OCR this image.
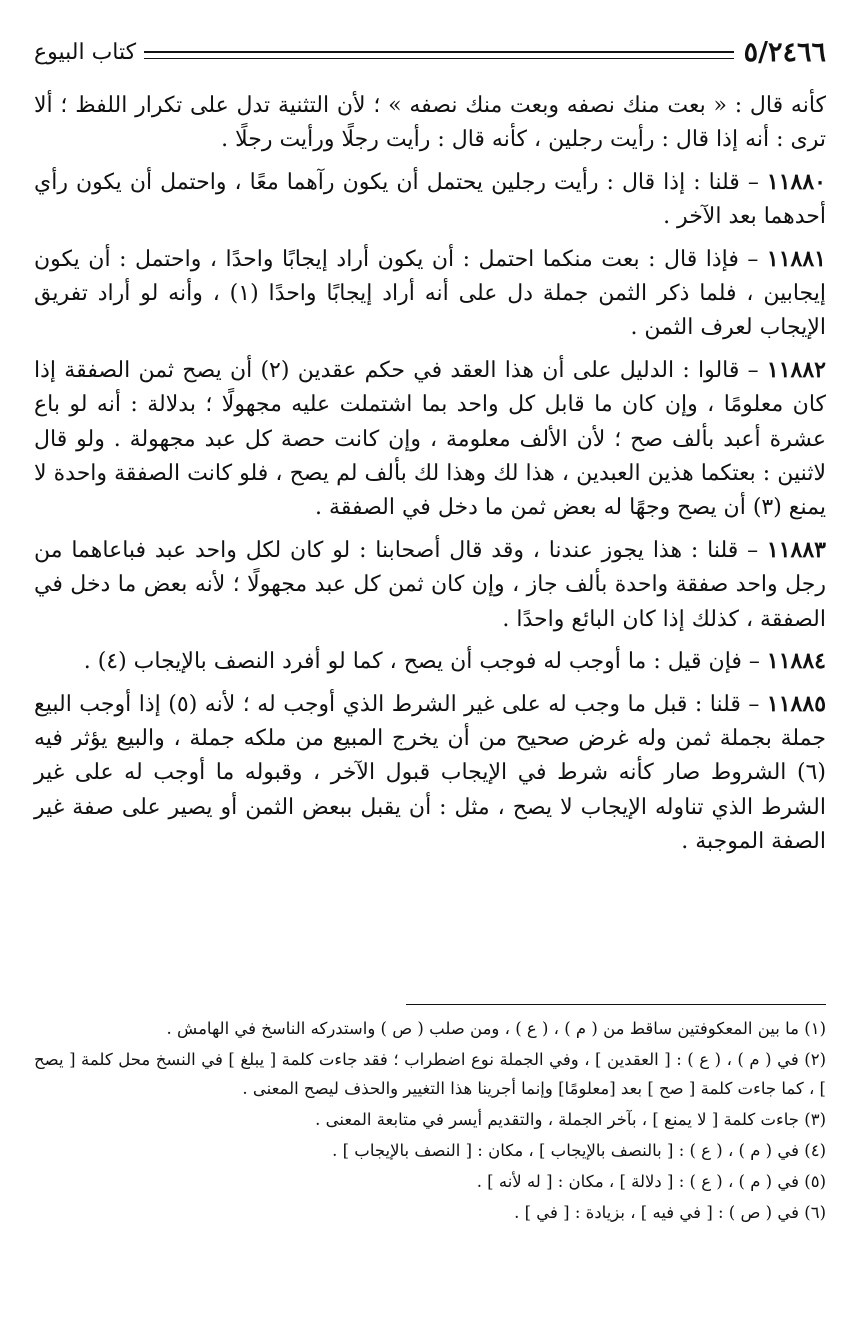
٥/٢٤٦٦
كتاب البيوع

كأنه قال : « بعت منك نصفه وبعت منك نصفه » ؛ لأن التثنية تدل على تكرار اللفظ ؛ ألا ترى : أنه إذا قال : رأيت رجلين ، كأنه قال : رأيت رجلًا ورأيت رجلًا .

١١٨٨٠ – قلنا : إذا قال : رأيت رجلين يحتمل أن يكون رآهما معًا ، واحتمل أن يكون رأي أحدهما بعد الآخر .

١١٨٨١ – فإذا قال : بعت منكما احتمل : أن يكون أراد إيجابًا واحدًا ، واحتمل : أن يكون إيجابين ، فلما ذكر الثمن جملة دل على أنه أراد إيجابًا واحدًا (١) ، وأنه لو أراد تفريق الإيجاب لعرف الثمن .

١١٨٨٢ – قالوا : الدليل على أن هذا العقد في حكم عقدين (٢) أن يصح ثمن الصفقة إذا كان معلومًا ، وإن كان ما قابل كل واحد بما اشتملت عليه مجهولًا ؛ بدلالة : أنه لو باع عشرة أعبد بألف صح ؛ لأن الألف معلومة ، وإن كانت حصة كل عبد مجهولة . ولو قال لاثنين : بعتكما هذين العبدين ، هذا لك وهذا لك بألف لم يصح ، فلو كانت الصفقة واحدة لا يمنع (٣) أن يصح وجهًا له بعض ثمن ما دخل في الصفقة .

١١٨٨٣ – قلنا : هذا يجوز عندنا ، وقد قال أصحابنا : لو كان لكل واحد عبد فباعاهما من رجل واحد صفقة واحدة بألف جاز ، وإن كان ثمن كل عبد مجهولًا ؛ لأنه بعض ما دخل في الصفقة ، كذلك إذا كان البائع واحدًا .

١١٨٨٤ – فإن قيل : ما أوجب له فوجب أن يصح ، كما لو أفرد النصف بالإيجاب (٤) .

١١٨٨٥ – قلنا : قبل ما وجب له على غير الشرط الذي أوجب له ؛ لأنه (٥) إذا أوجب البيع جملة بجملة ثمن وله غرض صحيح من أن يخرج المبيع من ملكه جملة ، والبيع يؤثر فيه (٦) الشروط صار كأنه شرط في الإيجاب قبول الآخر ، وقبوله ما أوجب له على غير الشرط الذي تناوله الإيجاب لا يصح ، مثل : أن يقبل ببعض الثمن أو يصير على صفة غير الصفة الموجبة .

(١) ما بين المعكوفتين ساقط من ( م ) ، ( ع ) ، ومن صلب ( ص ) واستدركه الناسخ في الهامش .

(٢) في ( م ) ، ( ع ) : [ العقدين ] ، وفي الجملة نوع اضطراب ؛ فقد جاءت كلمة [ يبلغ ] في النسخ محل كلمة [ يصح ] ، كما جاءت كلمة [ صح ] بعد [معلومًا] وإنما أجرينا هذا التغيير والحذف ليصح المعنى .

(٣) جاءت كلمة [ لا يمنع ] ، بآخر الجملة ، والتقديم أيسر في متابعة المعنى .

(٤) في ( م ) ، ( ع ) : [ بالنصف بالإيجاب ] ، مكان : [ النصف بالإيجاب ] .

(٥) في ( م ) ، ( ع ) : [ دلالة ] ، مكان : [ له لأنه ] .

(٦) في ( ص ) : [ في فيه ] ، بزيادة : [ في ] .
